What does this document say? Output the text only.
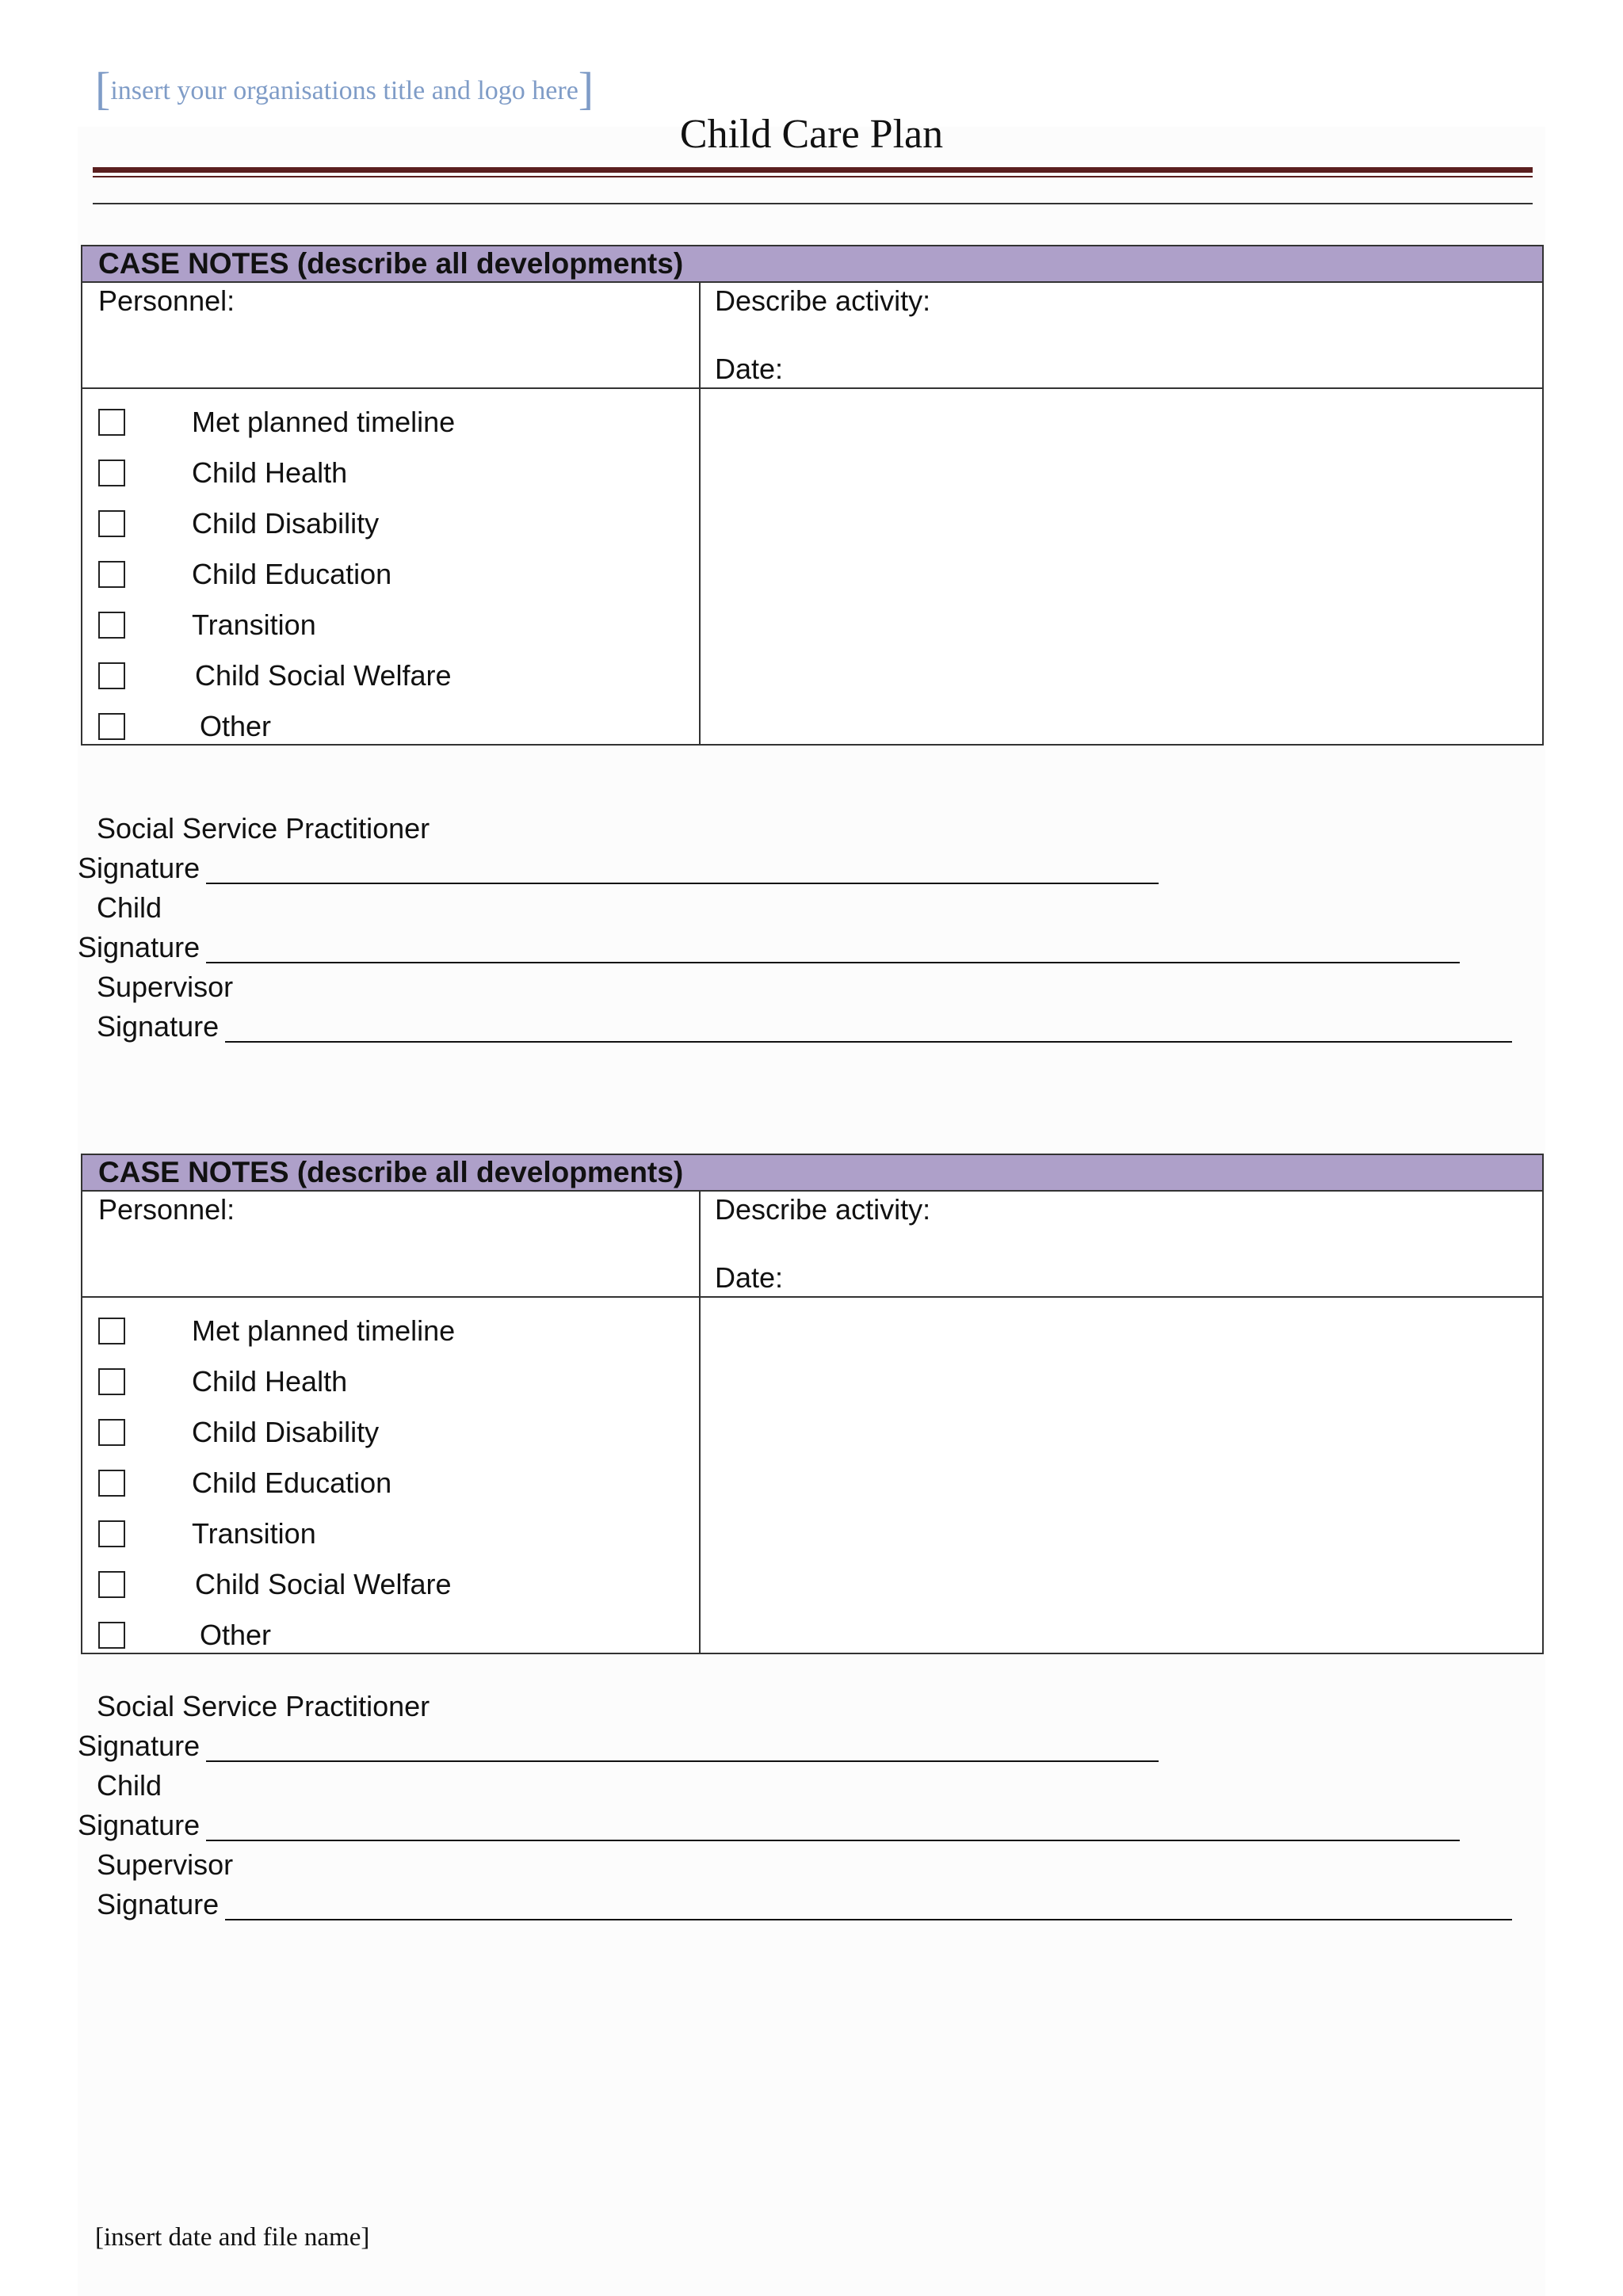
[insert your organisations title and logo here]
Child Care Plan
CASE NOTES (describe all developments)
Personnel:	Describe activity:
Date:
Met planned timeline
Child Health
Child Disability
Child Education
Transition
Child Social Welfare
Other
Social Service Practitioner
Signature
Child
Signature
Supervisor
Signature
CASE NOTES (describe all developments)
Personnel:	Describe activity:
Date:
Met planned timeline
Child Health
Child Disability
Child Education
Transition
Child Social Welfare
Other
Social Service Practitioner
Signature
Child
Signature
Supervisor
Signature
[insert date and file name]
